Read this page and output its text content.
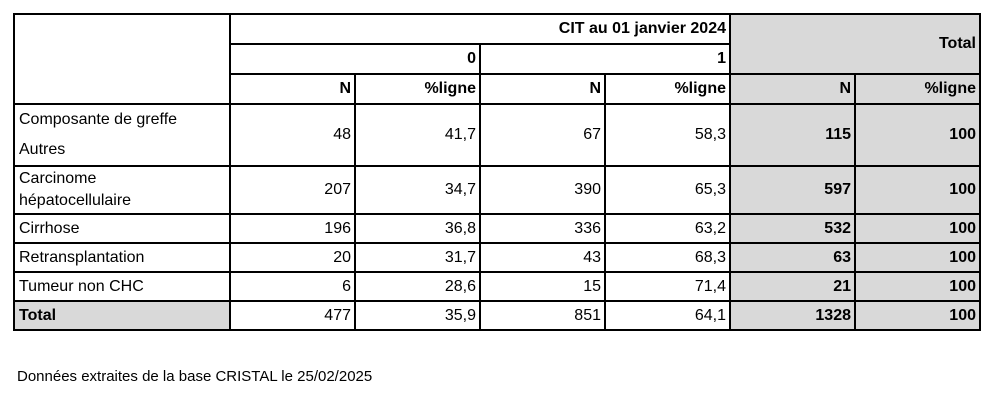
	CIT au 01 janvier 2024				Total	
	0		1			
	N	%ligne	N	%ligne	N	%ligne

Composante de greffe
Autres	48	41,7	67	58,3	115	100

Carcinome
hépatocellulaire	207	34,7	390	65,3	597	100
Cirrhose	196	36,8	336	63,2	532	100
Retransplantation	20	31,7	43	68,3	63	100
Tumeur non CHC	6	28,6	15	71,4	21	100
Total	477	35,9	851	64,1	1328	100
Données extraites de la base CRISTAL le 25/02/2025
